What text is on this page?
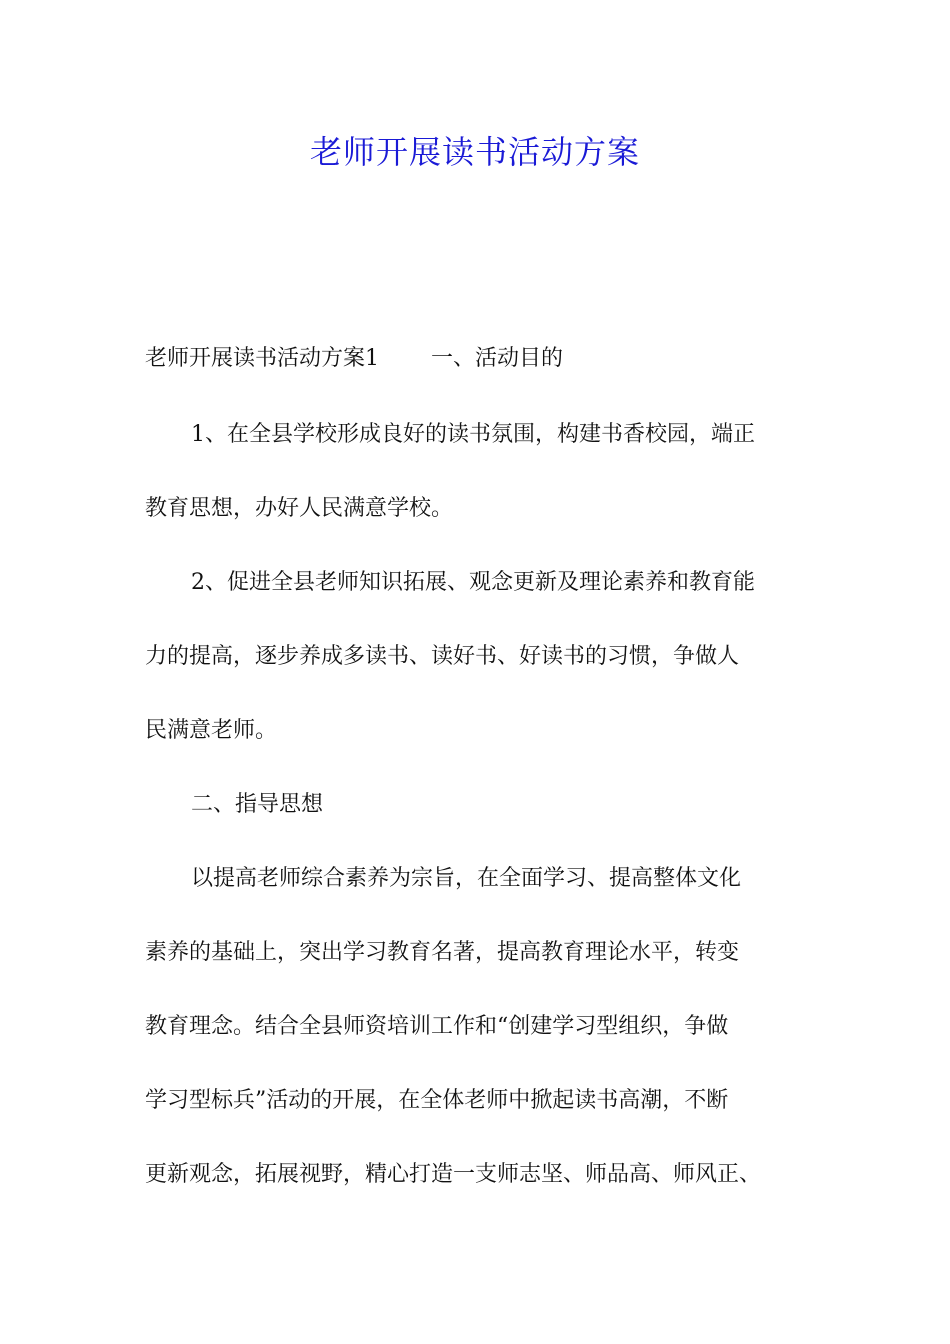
老师开展读书活动方案

老师开展读书活动方案1 一、活动目的

1、在全县学校形成良好的读书氛围，构建书香校园，端正

教育思想，办好人民满意学校。

2、促进全县老师知识拓展、观念更新及理论素养和教育能

力的提高，逐步养成多读书、读好书、好读书的习惯，争做人

民满意老师。

二、指导思想

以提高老师综合素养为宗旨，在全面学习、提高整体文化

素养的基础上，突出学习教育名著，提高教育理论水平，转变

教育理念。结合全县师资培训工作和“创建学习型组织，争做

学习型标兵”活动的开展，在全体老师中掀起读书高潮，不断

更新观念，拓展视野，精心打造一支师志坚、师品高、师风正、
